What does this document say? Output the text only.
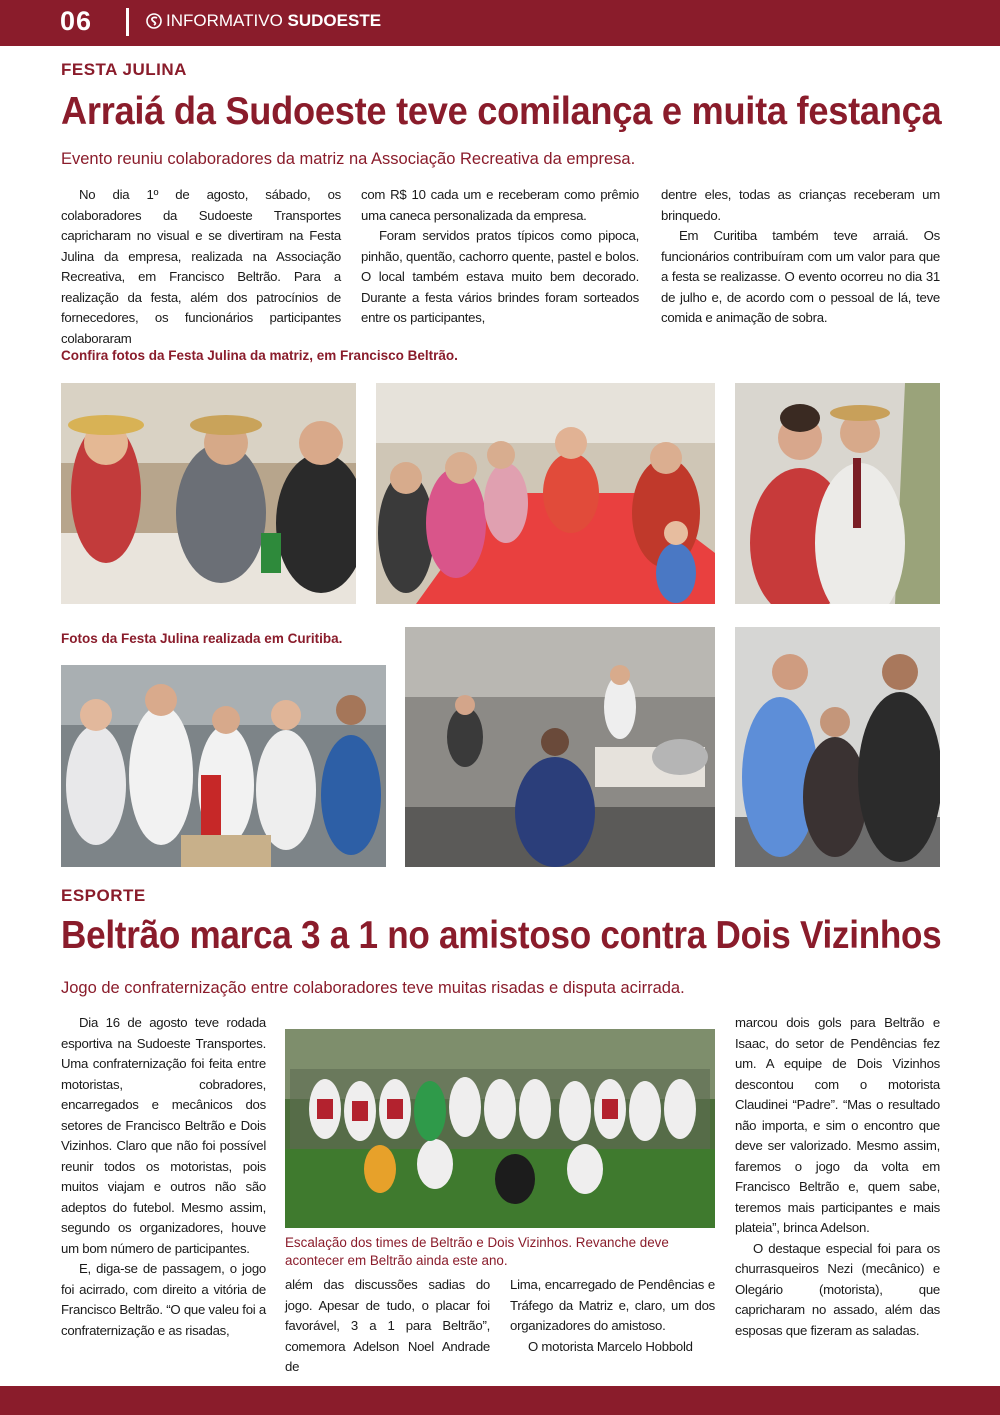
06	INFORMATIVO SUDOESTE
FESTA JULINA
Arraiá da Sudoeste teve comilança e muita festança
Evento reuniu colaboradores da matriz na Associação Recreativa da empresa.

No dia 1º de agosto, sábado, os colaboradores da Sudoeste Transportes capricharam no visual e se divertiram na Festa Julina da empresa, realizada na Associação Recreativa, em Francisco Beltrão. Para a realização da festa, além dos patrocínios de fornecedores, os funcionários participantes colaboraram

com R$ 10 cada um e receberam como prêmio uma caneca personalizada da empresa.

Foram servidos pratos típicos como pipoca, pinhão, quentão, cachorro quente, pastel e bolos. O local também estava muito bem decorado. Durante a festa vários brindes foram sorteados entre os participantes,

dentre eles, todas as crianças receberam um brinquedo.

Em Curitiba também teve arraiá. Os funcionários contribuíram com um valor para que a festa se realizasse. O evento ocorreu no dia 31 de julho e, de acordo com o pessoal de lá, teve comida e animação de sobra.

Confira fotos da Festa Julina da matriz, em Francisco Beltrão.
Fotos da Festa Julina realizada em Curitiba.
ESPORTE
Beltrão marca 3 a 1 no amistoso contra Dois Vizinhos
Jogo de confraternização entre colaboradores teve muitas risadas e disputa acirrada.

Dia 16 de agosto teve rodada esportiva na Sudoeste Transportes. Uma confraternização foi feita entre motoristas, cobradores, encarregados e mecânicos dos setores de Francisco Beltrão e Dois Vizinhos. Claro que não foi possível reunir todos os motoristas, pois muitos viajam e outros não são adeptos do futebol. Mesmo assim, segundo os organizadores, houve um bom número de participantes.

E, diga-se de passagem, o jogo foi acirrado, com direito a vitória de Francisco Beltrão. “O que valeu foi a confraternização e as risadas,

Escalação dos times de Beltrão e Dois Vizinhos. Revanche deve acontecer em Beltrão ainda este ano.

além das discussões sadias do jogo. Apesar de tudo, o placar foi favorável, 3 a 1 para Beltrão”, comemora Adelson Noel Andrade de

Lima, encarregado de Pendências e Tráfego da Matriz e, claro, um dos organizadores do amistoso.

O motorista Marcelo Hobbold

marcou dois gols para Beltrão e Isaac, do setor de Pendências fez um. A equipe de Dois Vizinhos descontou com o motorista Claudinei “Padre”. “Mas o resultado não importa, e sim o encontro que deve ser valorizado. Mesmo assim, faremos o jogo da volta em Francisco Beltrão e, quem sabe, teremos mais participantes e mais plateia”, brinca Adelson.

O destaque especial foi para os churrasqueiros Nezi (mecânico) e Olegário (motorista), que capricharam no assado, além das esposas que fizeram as saladas.
